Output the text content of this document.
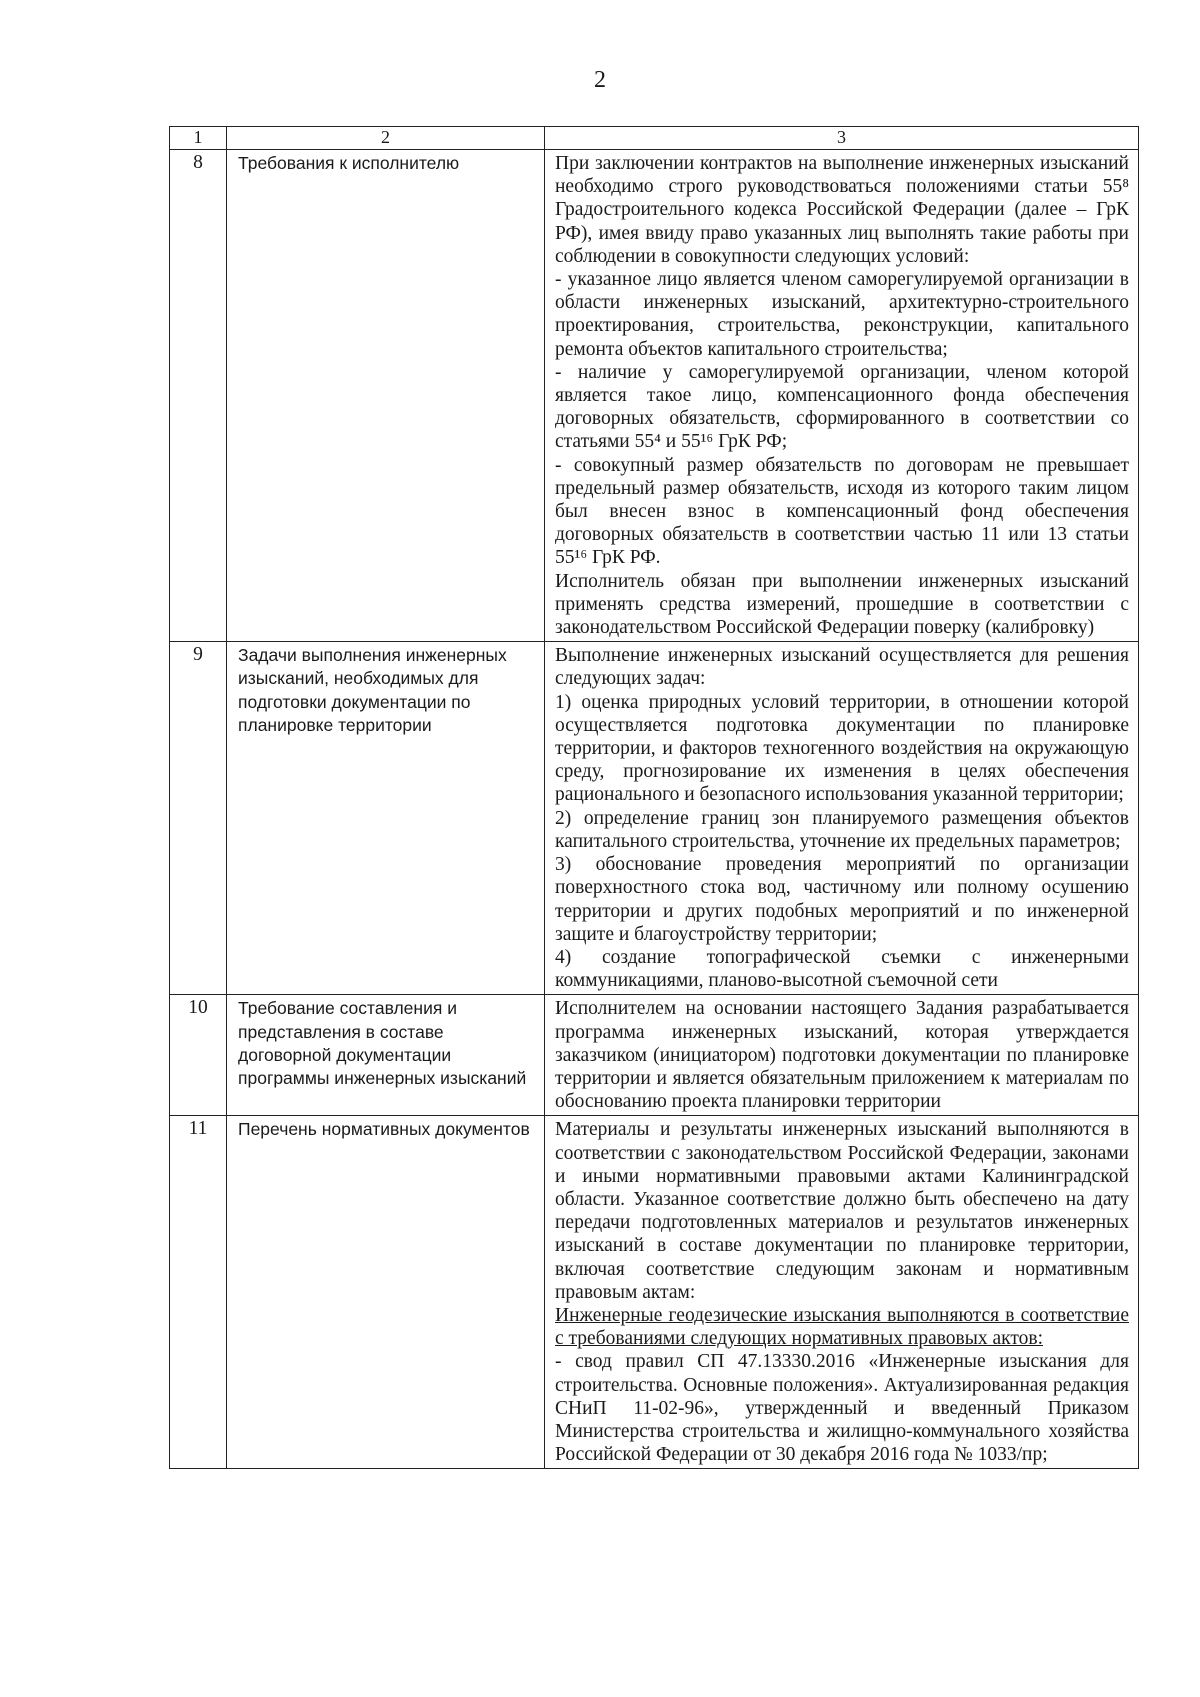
2
1	2	3
8	Требования к исполнителю	При заключении контрактов на выполнение инженерных изысканий необходимо строго руководствоваться положениями статьи 55⁸ Градостроительного кодекса Российской Федерации (далее – ГрК РФ), имея ввиду право указанных лиц выполнять такие работы при соблюдении в совокупности следующих условий:

- указанное лицо является членом саморегулируемой организации в области инженерных изысканий, архитектурно-строительного проектирования, строительства, реконструкции, капитального ремонта объектов капитального строительства;

- наличие у саморегулируемой организации, членом которой является такое лицо, компенсационного фонда обеспечения договорных обязательств, сформированного в соответствии со статьями 55⁴ и 55¹⁶ ГрК РФ;

- совокупный размер обязательств по договорам не превышает предельный размер обязательств, исходя из которого таким лицом был внесен взнос в компенсационный фонд обеспечения договорных обязательств в соответствии частью 11 или 13 статьи 55¹⁶ ГрК РФ.

Исполнитель обязан при выполнении инженерных изысканий применять средства измерений, прошедшие в соответствии с законодательством Российской Федерации поверку (калибровку)

9	Задачи выполнения инженерных изысканий, необходимых для подготовки документации по планировке территории	Выполнение инженерных изысканий осуществляется для решения следующих задач:

1) оценка природных условий территории, в отношении которой осуществляется подготовка документации по планировке территории, и факторов техногенного воздействия на окружающую среду, прогнозирование их изменения в целях обеспечения рационального и безопасного использования указанной территории;

2) определение границ зон планируемого размещения объектов капитального строительства, уточнение их предельных параметров;

3) обоснование проведения мероприятий по организации поверхностного стока вод, частичному или полному осушению территории и других подобных мероприятий и по инженерной защите и благоустройству территории;

4) создание топографической съемки с инженерными коммуникациями, планово-высотной съемочной сети

10	Требование составления и представления в составе договорной документации программы инженерных изысканий	Исполнителем на основании настоящего Задания разрабатывается программа инженерных изысканий, которая утверждается заказчиком (инициатором) подготовки документации по планировке территории и является обязательным приложением к материалам по обоснованию проекта планировки территории

11	Перечень нормативных документов	Материалы и результаты инженерных изысканий выполняются в соответствии с законодательством Российской Федерации, законами и иными нормативными правовыми актами Калининградской области. Указанное соответствие должно быть обеспечено на дату передачи подготовленных материалов и результатов инженерных изысканий в составе документации по планировке территории, включая соответствие следующим законам и нормативным правовым актам:

Инженерные геодезические изыскания выполняются в соответствие с требованиями следующих нормативных правовых актов:

- свод правил СП 47.13330.2016 «Инженерные изыскания для строительства. Основные положения». Актуализированная редакция СНиП 11-02-96», утвержденный и введенный Приказом Министерства строительства и жилищно-коммунального хозяйства Российской Федерации от 30 декабря 2016 года № 1033/пр;
